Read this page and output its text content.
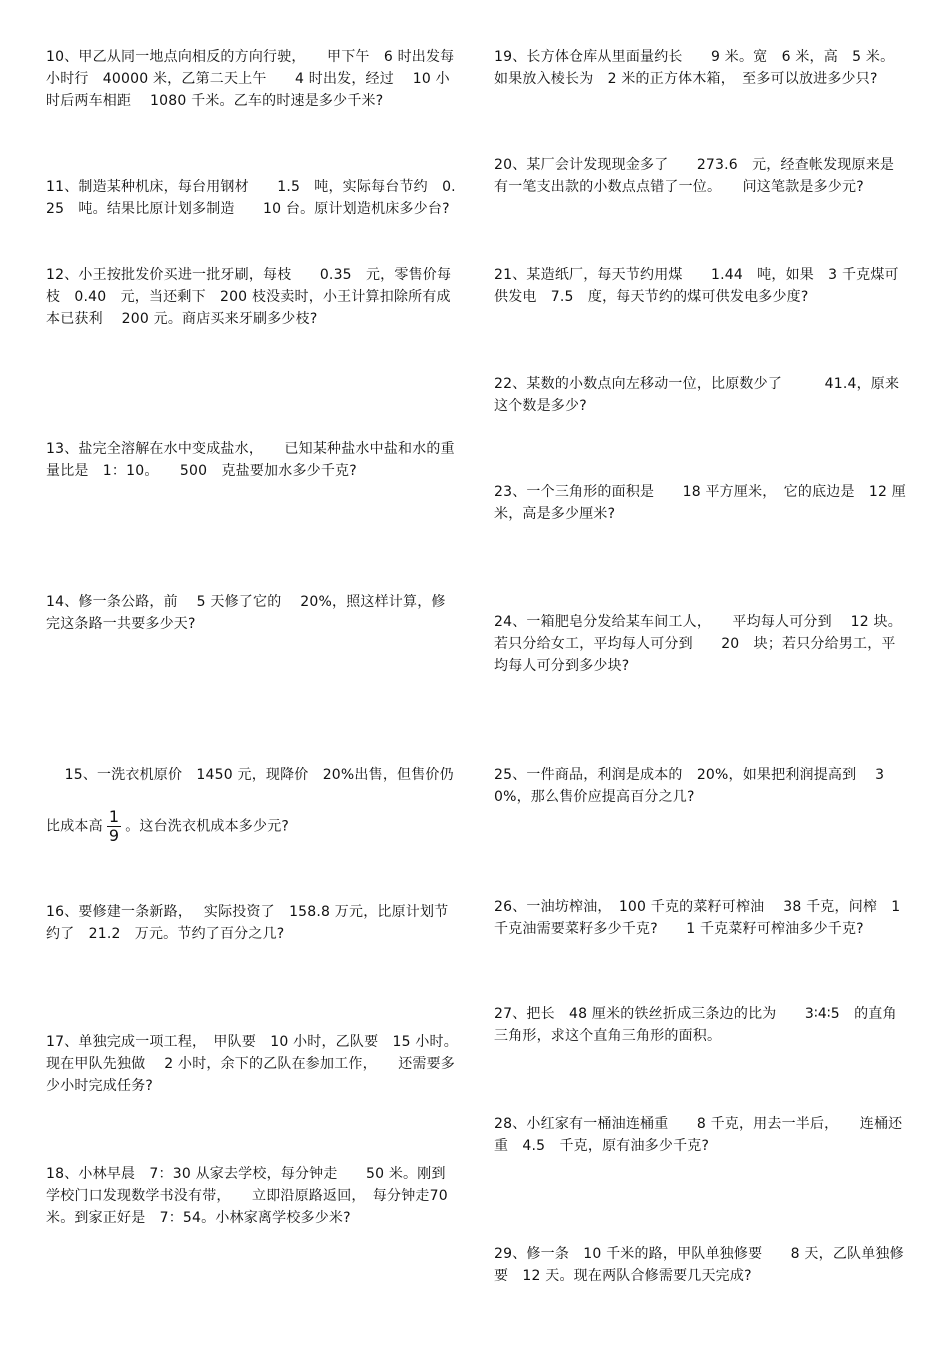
10、甲乙从同一地点向相反的方向行驶，　　甲下午　6 时出发每小时行　40000 米，乙第二天上午　　4 时出发，经过　 10 小时后两车相距　 1080 千米。乙车的时速是多少千米?
11、制造某种机床，每台用钢材　　1.5　吨，实际每台节约　0.25　吨。结果比原计划多制造　　10 台。原计划造机床多少台?
12、小王按批发价买进一批牙刷，每枝　　0.35　元，零售价每枝　0.40　元，当还剩下　200 枝没卖时，小王计算扣除所有成本已获利　 200 元。商店买来牙刷多少枝?
13、盐完全溶解在水中变成盐水，　　已知某种盐水中盐和水的重量比是　1：10。　　500　克盐要加水多少千克?
14、修一条公路，前　 5 天修了它的　 20%，照这样计算，修完这条路一共要多少天?

15、一洗衣机原价　1450 元，现降价　20%出售，但售价仍

比成本高 $\frac{1}{9}$ 。这台洗衣机成本多少元?

16、要修建一条新路，　 实际投资了　158.8 万元，比原计划节约了　21.2　万元。节约了百分之几?
17、单独完成一项工程，　甲队要　10 小时，乙队要　15 小时。现在甲队先独做　 2 小时，余下的乙队在参加工作，　　还需要多少小时完成任务?
18、小林早晨　7：30 从家去学校，每分钟走　　50 米。刚到学校门口发现数学书没有带，　　立即沿原路返回，　每分钟走70 米。到家正好是　7：54。小林家离学校多少米?
19、长方体仓库从里面量约长　　9 米。宽　6 米，高　5 米。如果放入棱长为　2 米的正方体木箱，　至多可以放进多少只?
20、某厂会计发现现金多了　　273.6　元，经查帐发现原来是有一笔支出款的小数点点错了一位。　　问这笔款是多少元?
21、某造纸厂，每天节约用煤　　1.44　吨，如果　3 千克煤可供发电　7.5　度，每天节约的煤可供发电多少度?
22、某数的小数点向左移动一位，比原数少了　　　41.4，原来这个数是多少?
23、一个三角形的面积是　　18 平方厘米，　它的底边是　12 厘米，高是多少厘米?
24、一箱肥皂分发给某车间工人，　　平均每人可分到　 12 块。若只分给女工，平均每人可分到　　20　块；若只分给男工，平均每人可分到多少块?
25、一件商品，利润是成本的　20%，如果把利润提高到　 30%，那么售价应提高百分之几?
26、一油坊榨油，　100 千克的菜籽可榨油　 38 千克，问榨　1 千克油需要菜籽多少千克?　　1 千克菜籽可榨油多少千克?
27、把长　48 厘米的铁丝折成三条边的比为　　3∶4∶5　的直角三角形，求这个直角三角形的面积。
28、小红家有一桶油连桶重　　8 千克，用去一半后，　　连桶还重　4.5　千克，原有油多少千克?
29、修一条　10 千米的路，甲队单独修要　　8 天，乙队单独修要　12 天。现在两队合修需要几天完成?
